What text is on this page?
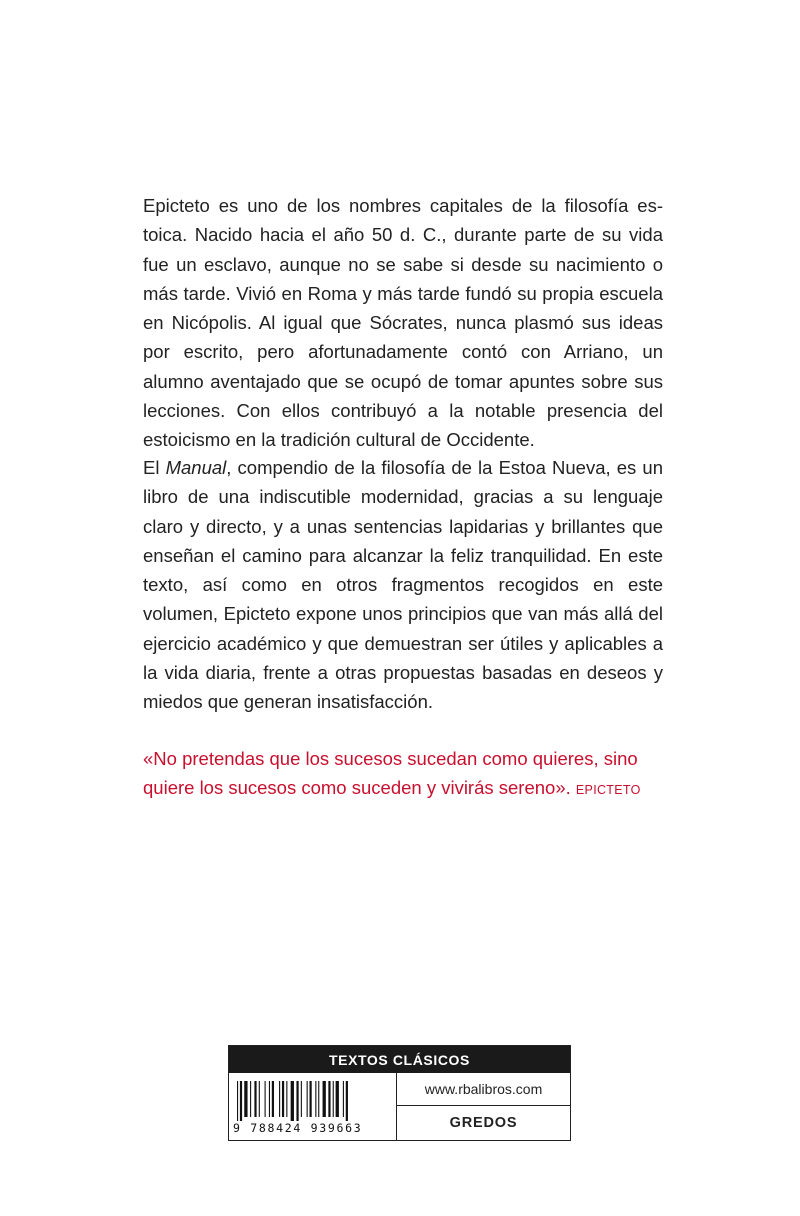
Epicteto es uno de los nombres capitales de la filosofía estoica. Nacido hacia el año 50 d. C., durante parte de su vida fue un esclavo, aunque no se sabe si desde su nacimiento o más tarde. Vivió en Roma y más tarde fundó su propia escuela en Nicópolis. Al igual que Sócrates, nunca plasmó sus ideas por escrito, pero afortunadamente contó con Arriano, un alumno aventajado que se ocupó de tomar apuntes sobre sus lecciones. Con ellos contribuyó a la notable presencia del estoicismo en la tradición cultural de Occidente.

El Manual, compendio de la filosofía de la Estoa Nueva, es un libro de una indiscutible modernidad, gracias a su lenguaje claro y directo, y a unas sentencias lapidarias y brillantes que enseñan el camino para alcanzar la feliz tranquilidad. En este texto, así como en otros fragmentos recogidos en este volumen, Epicteto expone unos principios que van más allá del ejercicio académico y que demuestran ser útiles y aplicables a la vida diaria, frente a otras propuestas basadas en deseos y miedos que generan insatisfacción.

«No pretendas que los sucesos sucedan como quieres, sino quiere los sucesos como suceden y vivirás sereno». EPICTETO

TEXTOS CLÁSICOS
9 788424 939663
www.rbalibros.com
GREDOS
